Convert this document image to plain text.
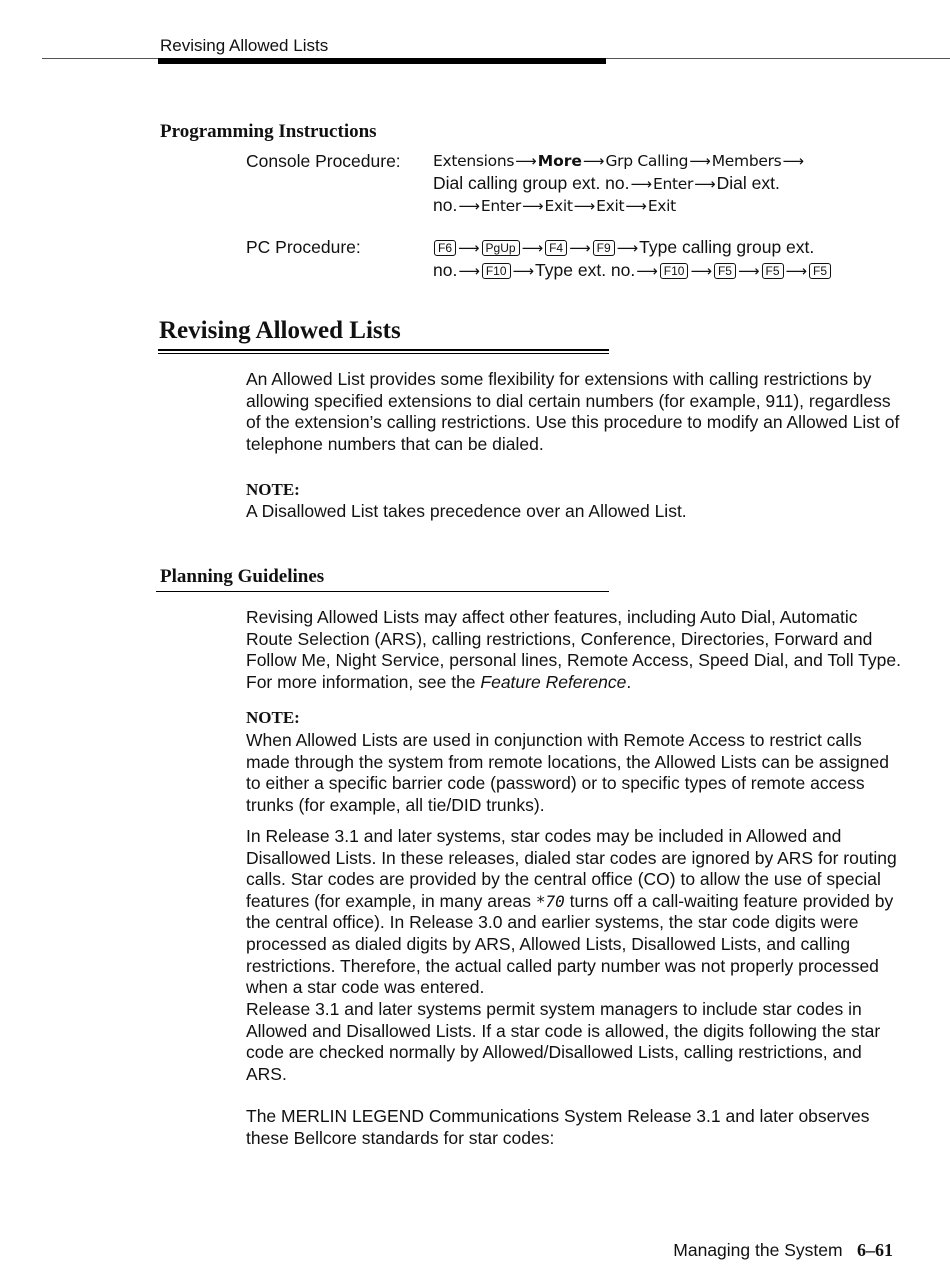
Revising Allowed Lists
Programming Instructions
Console Procedure: Extensions⟶More⟶Grp Calling⟶Members⟶
Dial calling group ext. no.⟶Enter⟶Dial ext.
no.⟶Enter⟶Exit⟶Exit⟶Exit
PC Procedure:	F6 ⟶ PgUp ⟶ F4 ⟶ F9 ⟶Type calling group ext.
no.⟶ F10 ⟶Type ext. no.⟶ F10 ⟶ F5 ⟶ F5 ⟶ F5
Revising Allowed Lists

An Allowed List provides some flexibility for extensions with calling restrictions by allowing specified extensions to dial certain numbers (for example, 911), regardless of the extension’s calling restrictions. Use this procedure to modify an Allowed List of telephone numbers that can be dialed.

NOTE:

A Disallowed List takes precedence over an Allowed List.

Planning Guidelines

Revising Allowed Lists may affect other features, including Auto Dial, Automatic Route Selection (ARS), calling restrictions, Conference, Directories, Forward and Follow Me, Night Service, personal lines, Remote Access, Speed Dial, and Toll Type. For more information, see the Feature Reference.

NOTE:

When Allowed Lists are used in conjunction with Remote Access to restrict calls made through the system from remote locations, the Allowed Lists can be assigned to either a specific barrier code (password) or to specific types of remote access trunks (for example, all tie/DID trunks).

In Release 3.1 and later systems, star codes may be included in Allowed and Disallowed Lists. In these releases, dialed star codes are ignored by ARS for routing calls. Star codes are provided by the central office (CO) to allow the use of special features (for example, in many areas *70 turns off a call-waiting feature provided by the central office). In Release 3.0 and earlier systems, the star code digits were processed as dialed digits by ARS, Allowed Lists, Disallowed Lists, and calling restrictions. Therefore, the actual called party number was not properly processed when a star code was entered.

Release 3.1 and later systems permit system managers to include star codes in Allowed and Disallowed Lists. If a star code is allowed, the digits following the star code are checked normally by Allowed/Disallowed Lists, calling restrictions, and ARS.

The MERLIN LEGEND Communications System Release 3.1 and later observes these Bellcore standards for star codes:

Managing the System 6–61
